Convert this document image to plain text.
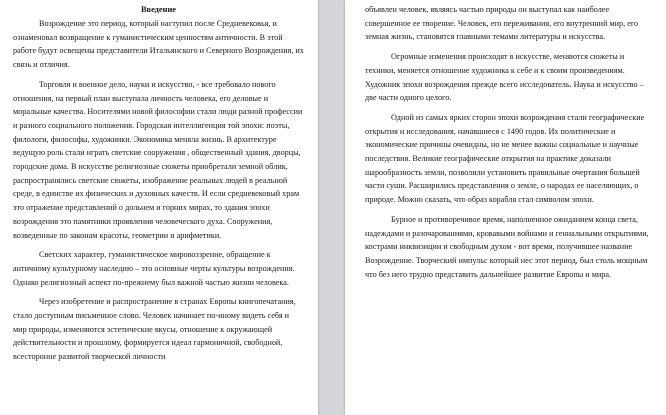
Введение

Возрождение это период, который наступил после Средневековья, и ознаменовал возвращение к гуманистическим ценностям античности. В этой работе будут освещены представители Итальянского и Северного Возрождения, их связь и отличия.

Торговля и военное дело, науки и искусство, - все требовало нового отношения, на первый план выступала личность человека, его деловые и моральные качества. Носителями новой философии стали люди разной профессии и разного социального положения. Городская интеллигенция той эпохи: поэты, филологи, философы, художники. Экономика меняла жизнь. В архитектуре ведущую роль стали играть светские сооружения , общественный здания, дворцы, городские дома. В искусстве религиозные сюжеты приобретали земной облик, распространялись светские сюжеты, изображение реальных людей в реальной среде, в единстве их физических и духовных качеств. И если средневековый храм это отражение представлений о дольнем и горних мирах, то здания эпохи возрождения это памятники проявления человеческого духа. Сооружения, возведенные по законам красоты, геометрии и арифметики.

Светских характер, гуманистическое мировоззрение, обращение к античному культурному наследию – это основные черты культуры возрождения. Однако религиозный аспект по-прежнему был важной частью жизни человека.

Через изобретение и распространение в странах Европы книгопечатания, стало доступным письменное слово. Человек начинает по-иному видеть себя и мир природы, изменяются эстетические вкусы, отношение к окружающей действительности и прошлому, формируется идеал гармоничной, свободной, всесторонне развитой творческой личности

объявлен человек, являясь частью природы он выступал как наиболее совершенное ее творение. Человек, его переживания, его внутренний мир, его земная жизнь, становятся главными темами литературы и искусства.

Огромные изменения происходят в искусстве, меняются сюжеты и техники, меняется отношение художника к себе и к своим произведениям. Художник эпохи возрождения прежде всего исследователь. Наука и искусство – две части одного целого.

Одной из самых ярких сторон эпохи возрождения стали географические открытия и исследования, начавшиеся с 1490 годов. Их политические и экономические причины очевидны, но не менее важны социальные и научные последствия. Великие географические открытия на практике доказали шарообразность земли, позволили установить правильные очертания большей части суши. Расширились представления о земле, о народах ее населяющих, о природе. Можно сказать, что образ корабля стал символом эпохи.

Бурное и противоречивое время, наполненное ожиданием конца света, надеждами и разочарованиями, кровавыми войнами и гениальными открытиями, кострами инквизиции и свободным духом - вот время, получившее название Возрождение. Творческий импульс который нес этот период, был столь мощным что без него трудно представить дальнейшее развитие Европы и мира.
